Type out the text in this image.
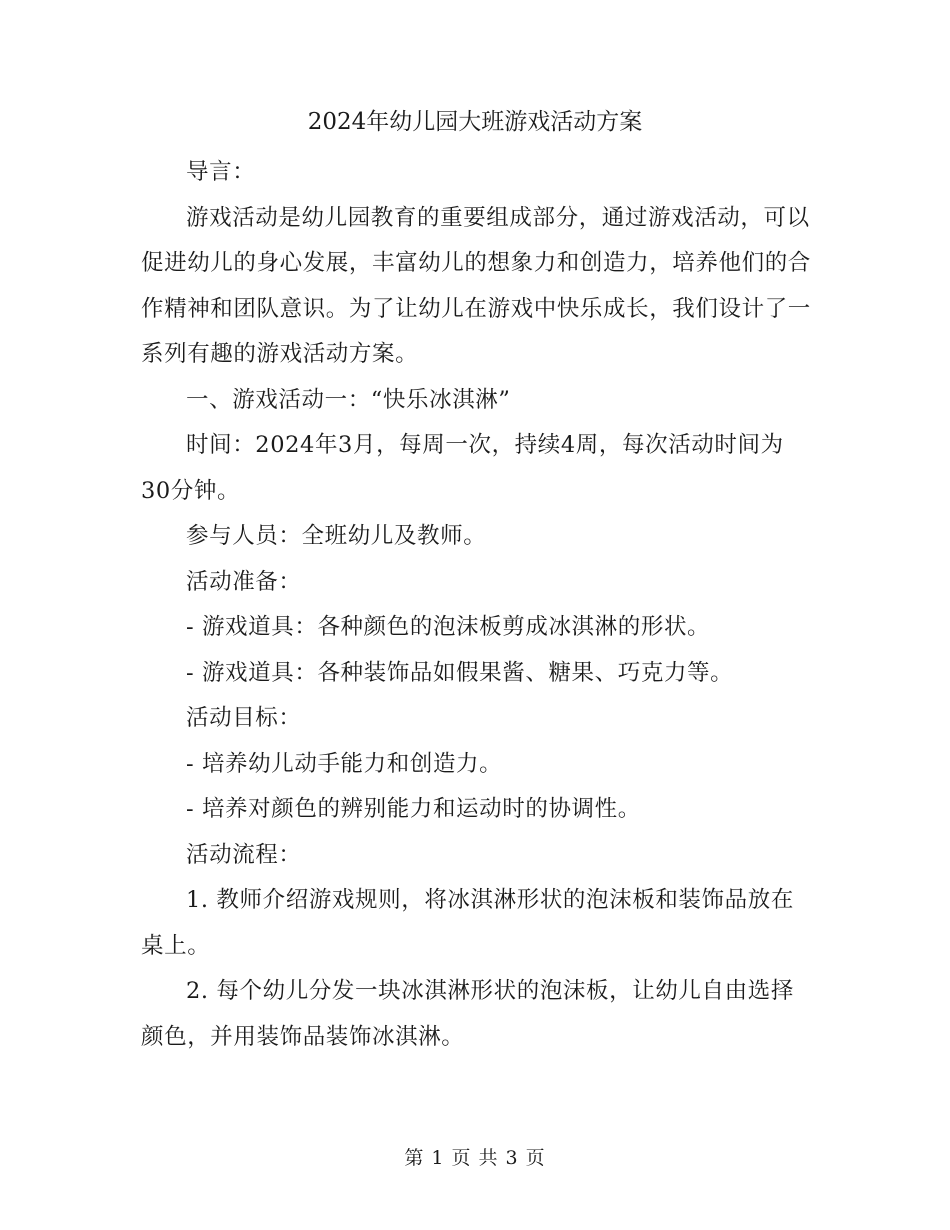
2024年幼儿园大班游戏活动方案

导言：

游戏活动是幼儿园教育的重要组成部分，通过游戏活动，可以促进幼儿的身心发展，丰富幼儿的想象力和创造力，培养他们的合作精神和团队意识。为了让幼儿在游戏中快乐成长，我们设计了一系列有趣的游戏活动方案。

一、游戏活动一：“快乐冰淇淋”

时间：2024年3月，每周一次，持续4周，每次活动时间为30分钟。

参与人员：全班幼儿及教师。

活动准备：

- 游戏道具：各种颜色的泡沫板剪成冰淇淋的形状。

- 游戏道具：各种装饰品如假果酱、糖果、巧克力等。

活动目标：

- 培养幼儿动手能力和创造力。

- 培养对颜色的辨别能力和运动时的协调性。

活动流程：

1. 教师介绍游戏规则，将冰淇淋形状的泡沫板和装饰品放在桌上。

2. 每个幼儿分发一块冰淇淋形状的泡沫板，让幼儿自由选择颜色，并用装饰品装饰冰淇淋。

第 1 页 共 3 页
